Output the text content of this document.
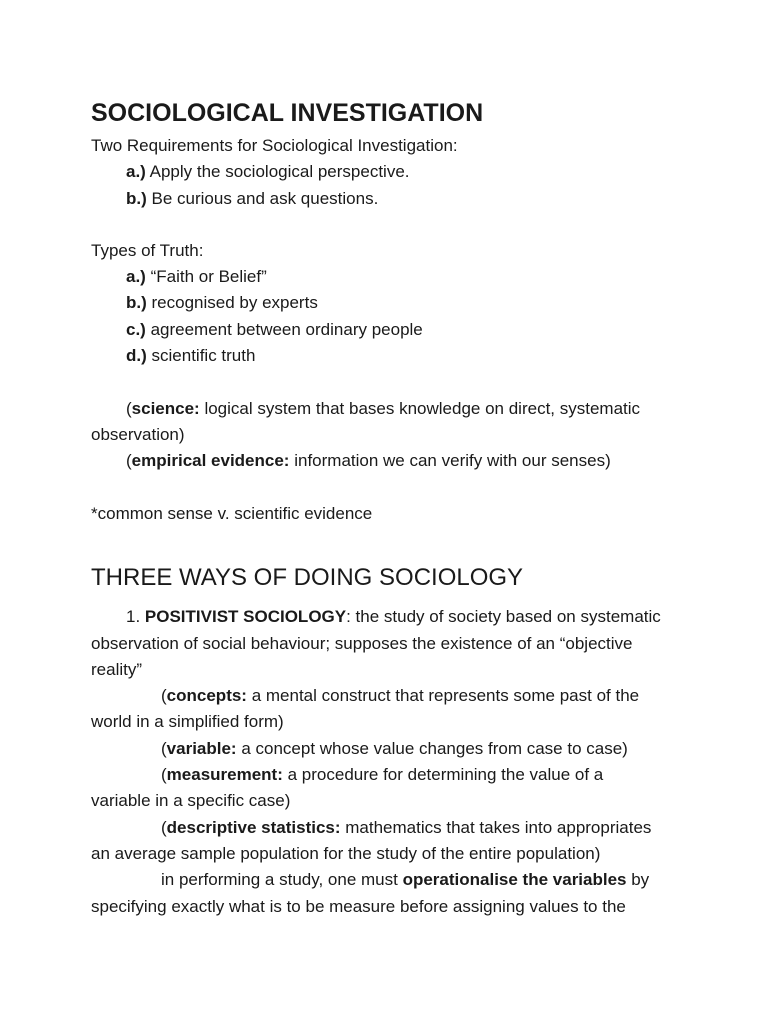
SOCIOLOGICAL INVESTIGATION
Two Requirements for Sociological Investigation:
a.) Apply the sociological perspective.
b.) Be curious and ask questions.
Types of Truth:
a.) “Faith or Belief”
b.) recognised by experts
c.) agreement between ordinary people
d.) scientific truth
(science: logical system that bases knowledge on direct, systematic
observation)
(empirical evidence: information we can verify with our senses)
*common sense v. scientific evidence
THREE WAYS OF DOING SOCIOLOGY
1. POSITIVIST SOCIOLOGY: the study of society based on systematic
observation of social behaviour; supposes the existence of an “objective
reality”
(concepts: a mental construct that represents some past of the
world in a simplified form)
(variable: a concept whose value changes from case to case)
(measurement: a procedure for determining the value of a
variable in a specific case)
(descriptive statistics: mathematics that takes into appropriates
an average sample population for the study of the entire population)
in performing a study, one must operationalise the variables by
specifying exactly what is to be measure before assigning values to the
